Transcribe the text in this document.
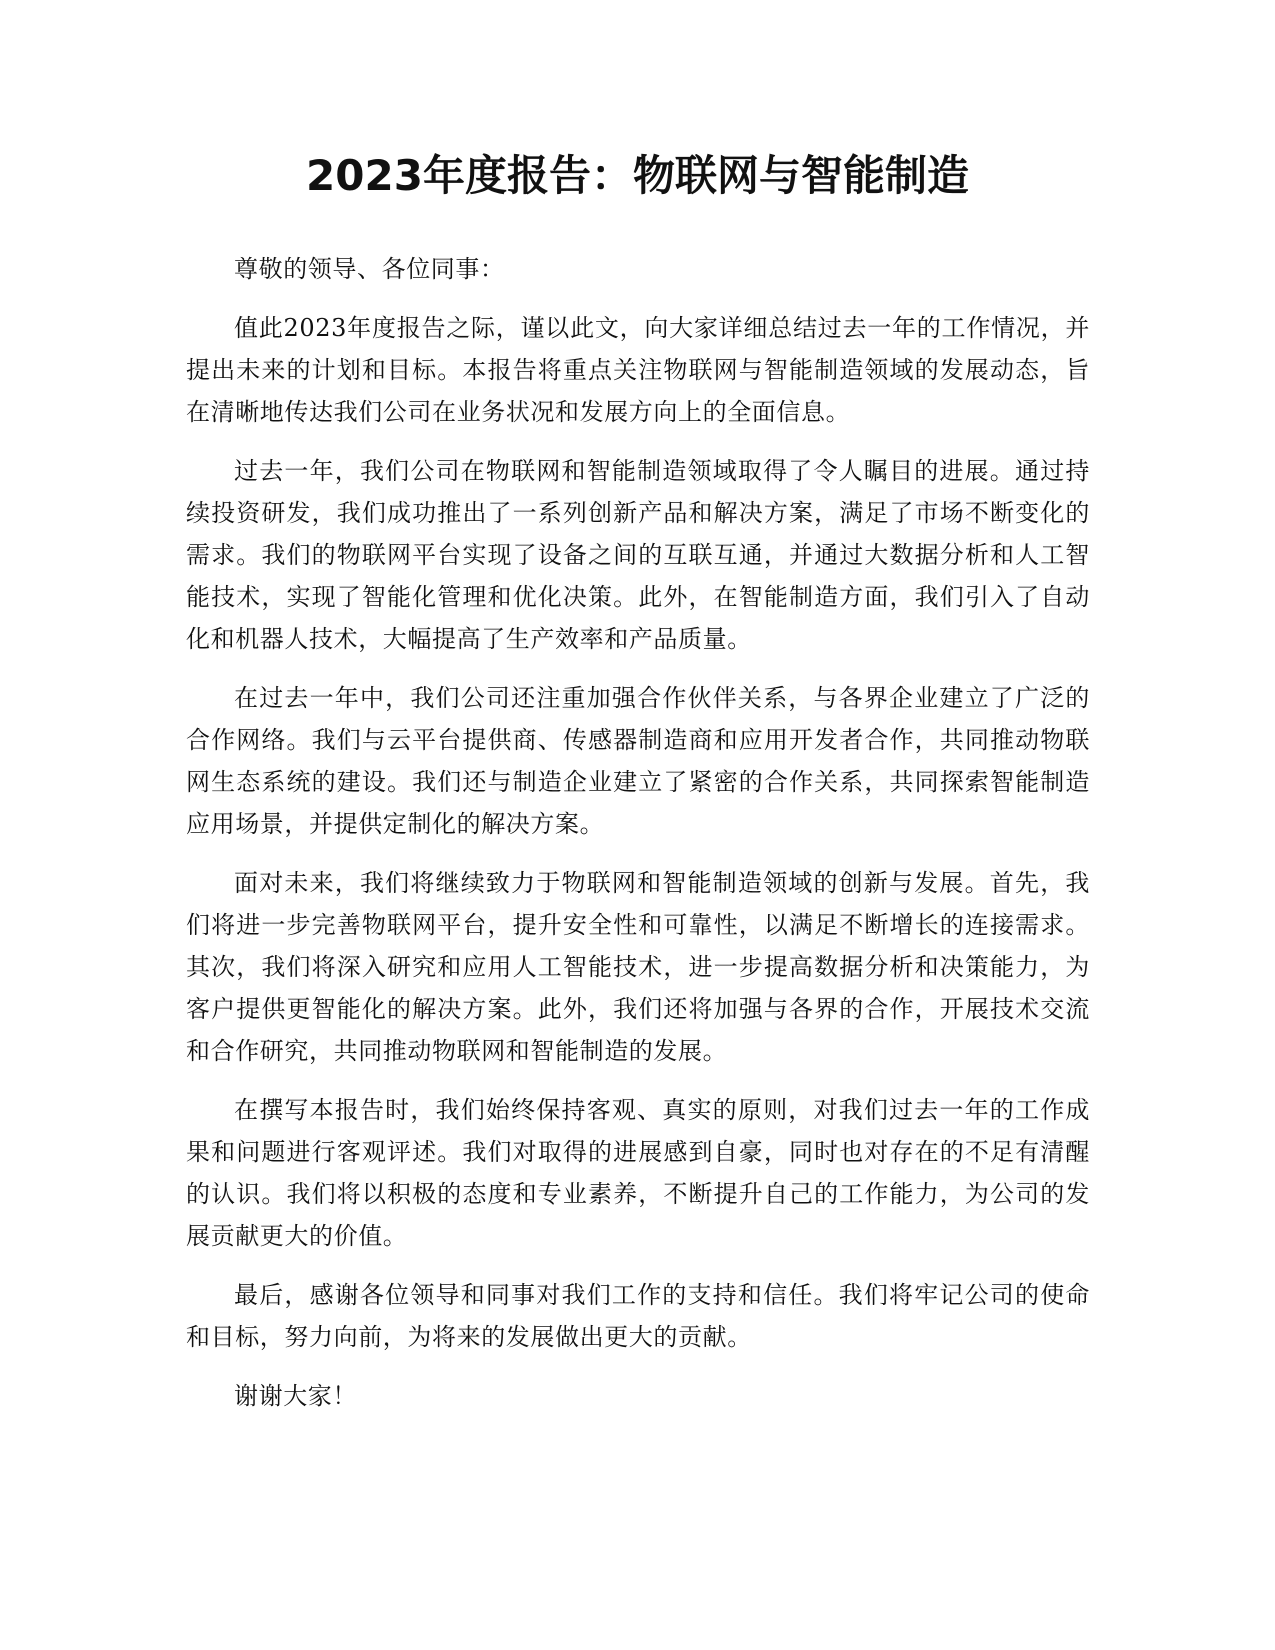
2023年度报告：物联网与智能制造

尊敬的领导、各位同事：

值此2023年度报告之际，谨以此文，向大家详细总结过去一年的工作情况，并提出未来的计划和目标。本报告将重点关注物联网与智能制造领域的发展动态，旨在清晰地传达我们公司在业务状况和发展方向上的全面信息。

过去一年，我们公司在物联网和智能制造领域取得了令人瞩目的进展。通过持续投资研发，我们成功推出了一系列创新产品和解决方案，满足了市场不断变化的需求。我们的物联网平台实现了设备之间的互联互通，并通过大数据分析和人工智能技术，实现了智能化管理和优化决策。此外，在智能制造方面，我们引入了自动化和机器人技术，大幅提高了生产效率和产品质量。

在过去一年中，我们公司还注重加强合作伙伴关系，与各界企业建立了广泛的合作网络。我们与云平台提供商、传感器制造商和应用开发者合作，共同推动物联网生态系统的建设。我们还与制造企业建立了紧密的合作关系，共同探索智能制造应用场景，并提供定制化的解决方案。

面对未来，我们将继续致力于物联网和智能制造领域的创新与发展。首先，我们将进一步完善物联网平台，提升安全性和可靠性，以满足不断增长的连接需求。其次，我们将深入研究和应用人工智能技术，进一步提高数据分析和决策能力，为客户提供更智能化的解决方案。此外，我们还将加强与各界的合作，开展技术交流和合作研究，共同推动物联网和智能制造的发展。

在撰写本报告时，我们始终保持客观、真实的原则，对我们过去一年的工作成果和问题进行客观评述。我们对取得的进展感到自豪，同时也对存在的不足有清醒的认识。我们将以积极的态度和专业素养，不断提升自己的工作能力，为公司的发展贡献更大的价值。

最后，感谢各位领导和同事对我们工作的支持和信任。我们将牢记公司的使命和目标，努力向前，为将来的发展做出更大的贡献。

谢谢大家！
